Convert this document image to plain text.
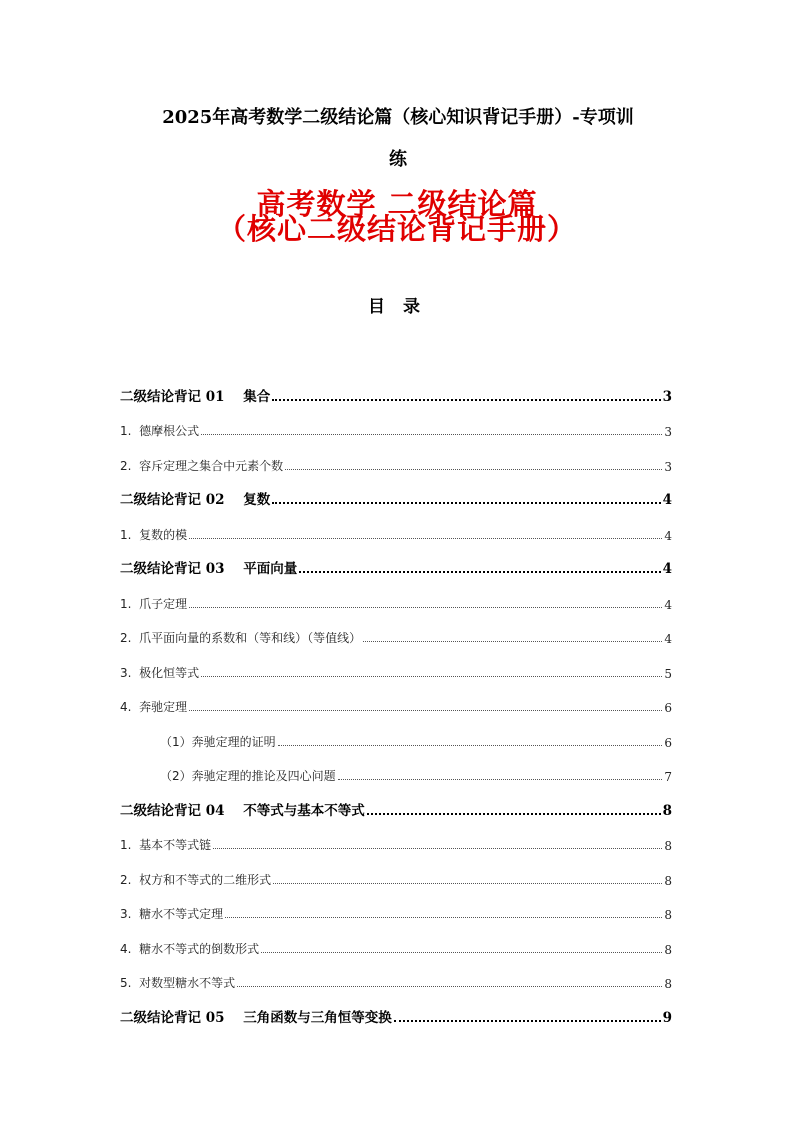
2025年高考数学二级结论篇（核心知识背记手册）-专项训
练
高考数学 二级结论篇
（核心二级结论背记手册）
目 录
二级结论背记 01    集合	3
1.  德摩根公式	3
2.  容斥定理之集合中元素个数	3
二级结论背记 02    复数	4
1.  复数的模	4
二级结论背记 03    平面向量	4
1.  爪子定理	4
2.  爪平面向量的系数和（等和线）（等值线）	4
3.  极化恒等式	5
4.  奔驰定理	6
（1）奔驰定理的证明	6
（2）奔驰定理的推论及四心问题	7
二级结论背记 04    不等式与基本不等式	8
1.  基本不等式链	8
2.  权方和不等式的二维形式	8
3.  糖水不等式定理	8
4.  糖水不等式的倒数形式	8
5.  对数型糖水不等式	8
二级结论背记 05    三角函数与三角恒等变换	9
